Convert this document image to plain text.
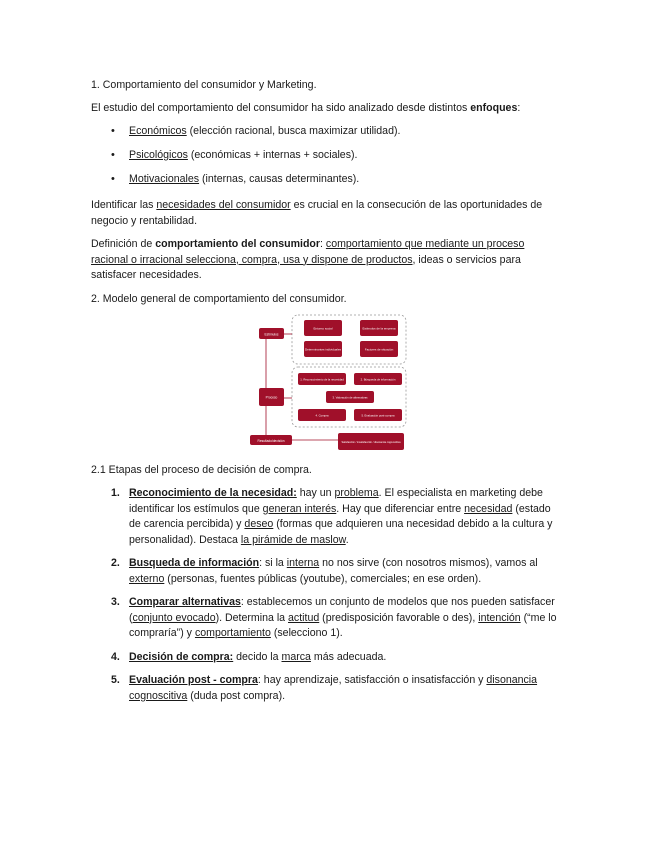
1. Comportamiento del consumidor y Marketing.

El estudio del comportamiento del consumidor ha sido analizado desde distintos enfoques:

• Económicos (elección racional, busca maximizar utilidad).
• Psicológicos (económicas + internas + sociales).
• Motivacionales (internas, causas determinantes).

Identificar las necesidades del consumidor es crucial en la consecución de las oportunidades de negocio y rentabilidad.

Definición de comportamiento del consumidor: comportamiento que mediante un proceso racional o irracional selecciona, compra, usa y dispone de productos, ideas o servicios para satisfacer necesidades.

2. Modelo general de comportamiento del consumidor.

2.1 Etapas del proceso de decisión de compra.

1. Reconocimiento de la necesidad: hay un problema. El especialista en marketing debe identificar los estímulos que generan interés. Hay que diferenciar entre necesidad (estado de carencia percibida) y deseo (formas que adquieren una necesidad debido a la cultura y personalidad). Destaca la pirámide de maslow.
2. Busqueda de información: si la interna no nos sirve (con nosotros mismos), vamos al externo (personas, fuentes públicas (youtube), comerciales; en ese orden).
3. Comparar alternativas: establecemos un conjunto de modelos que nos pueden satisfacer (conjunto evocado). Determina la actitud (predisposición favorable o des), intención (“me lo compraría”) y comportamiento (selecciono 1).
4. Decisión de compra: decido la marca más adecuada.
5. Evaluación post - compra: hay aprendizaje, satisfacción o insatisfacción y disonancia cognoscitiva (duda post compra).
Estímulos
Proceso
Resultado/decisión
Entorno social	Estímulos de la empresa
Determinantes individuales	Factores de situación
1. Reconocimiento de la necesidad	2. Búsqueda de información
3. Valoración de alternativas
4. Compra	5. Evaluación post-compra
Satisfacción / insatisfacción / disonancia cognoscitiva
